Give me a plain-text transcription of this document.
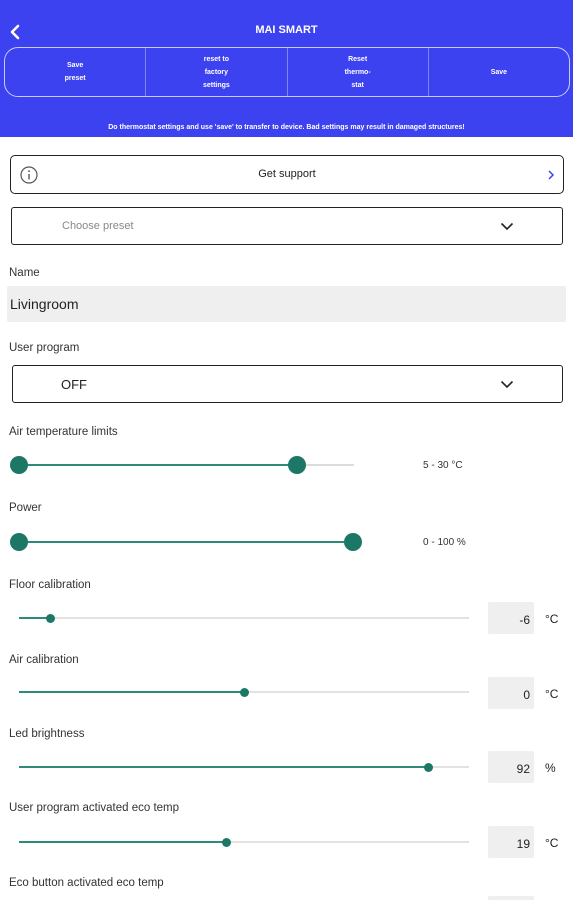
MAI SMART
Save
preset
reset to
factory
settings
Reset
thermo-
stat
Save
Do thermostat settings and use 'save' to transfer to device. Bad settings may result in damaged structures!
Get support
Choose preset
Name
Livingroom
User program
OFF
Air temperature limits
5 - 30 °C
Power
0 - 100 %
Floor calibration
-6	°C
Air calibration
0	°C
Led brightness
92	%
User program activated eco temp
19	°C
Eco button activated eco temp
